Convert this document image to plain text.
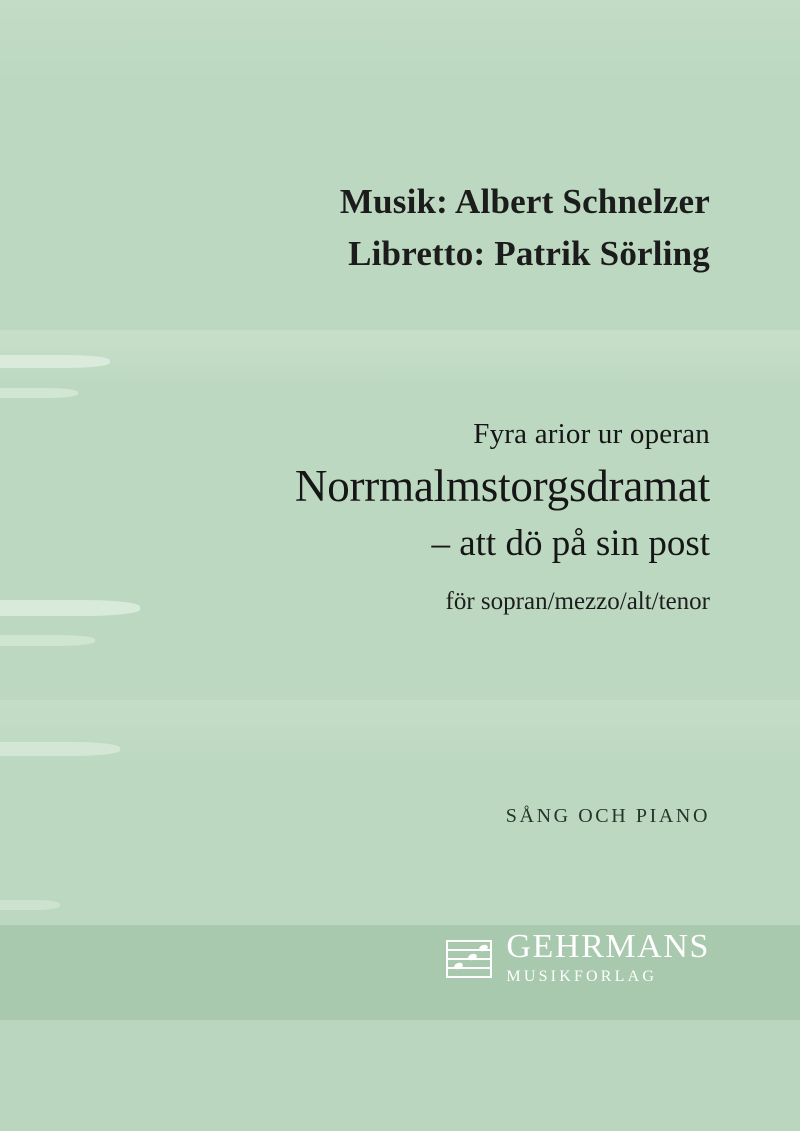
Musik: Albert Schnelzer
Libretto: Patrik Sörling
Fyra arior ur operan
Norrmalmstorgsdramat
– att dö på sin post
för sopran/mezzo/alt/tenor
SÅNG OCH PIANO
GEHRMANS
MUSIKFORLAG
